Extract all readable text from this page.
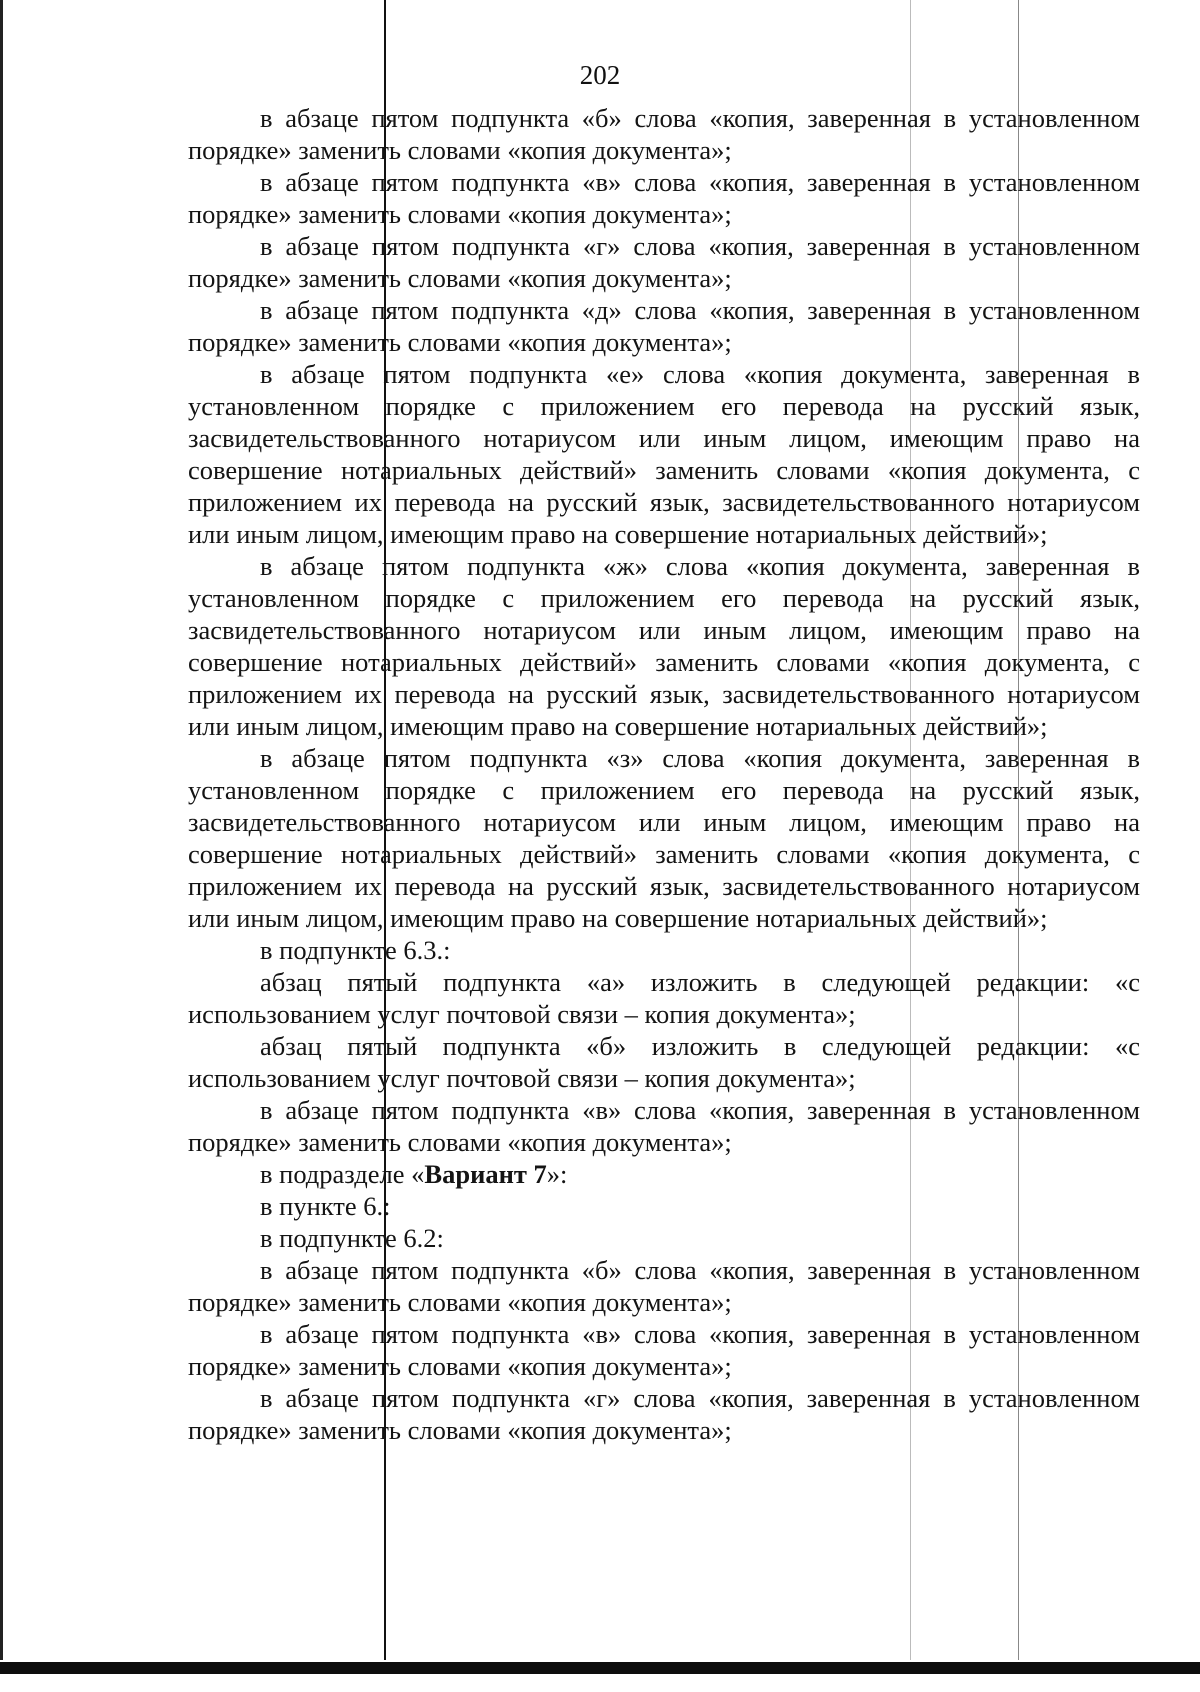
202

в абзаце пятом подпункта «б» слова «копия, заверенная в установленном порядке» заменить словами «копия документа»;

в абзаце пятом подпункта «в» слова «копия, заверенная в установленном порядке» заменить словами «копия документа»;

в абзаце пятом подпункта «г» слова «копия, заверенная в установленном порядке» заменить словами «копия документа»;

в абзаце пятом подпункта «д» слова «копия, заверенная в установленном порядке» заменить словами «копия документа»;

в абзаце пятом подпункта «е» слова «копия документа, заверенная в установленном порядке с приложением его перевода на русский язык, засвидетельствованного нотариусом или иным лицом, имеющим право на совершение нотариальных действий» заменить словами «копия документа, с приложением их перевода на русский язык, засвидетельствованного нотариусом или иным лицом, имеющим право на совершение нотариальных действий»;

в абзаце пятом подпункта «ж» слова «копия документа, заверенная в установленном порядке с приложением его перевода на русский язык, засвидетельствованного нотариусом или иным лицом, имеющим право на совершение нотариальных действий» заменить словами «копия документа, с приложением их перевода на русский язык, засвидетельствованного нотариусом или иным лицом, имеющим право на совершение нотариальных действий»;

в абзаце пятом подпункта «з» слова «копия документа, заверенная в установленном порядке с приложением его перевода на русский язык, засвидетельствованного нотариусом или иным лицом, имеющим право на совершение нотариальных действий» заменить словами «копия документа, с приложением их перевода на русский язык, засвидетельствованного нотариусом или иным лицом, имеющим право на совершение нотариальных действий»;

в подпункте 6.3.:

абзац пятый подпункта «а» изложить в следующей редакции: «с использованием услуг почтовой связи – копия документа»;

абзац пятый подпункта «б» изложить в следующей редакции: «с использованием услуг почтовой связи – копия документа»;

в абзаце пятом подпункта «в» слова «копия, заверенная в установленном порядке» заменить словами «копия документа»;

в подразделе «Вариант 7»:

в пункте 6.:

в подпункте 6.2:

в абзаце пятом подпункта «б» слова «копия, заверенная в установленном порядке» заменить словами «копия документа»;

в абзаце пятом подпункта «в» слова «копия, заверенная в установленном порядке» заменить словами «копия документа»;

в абзаце пятом подпункта «г» слова «копия, заверенная в установленном порядке» заменить словами «копия документа»;
